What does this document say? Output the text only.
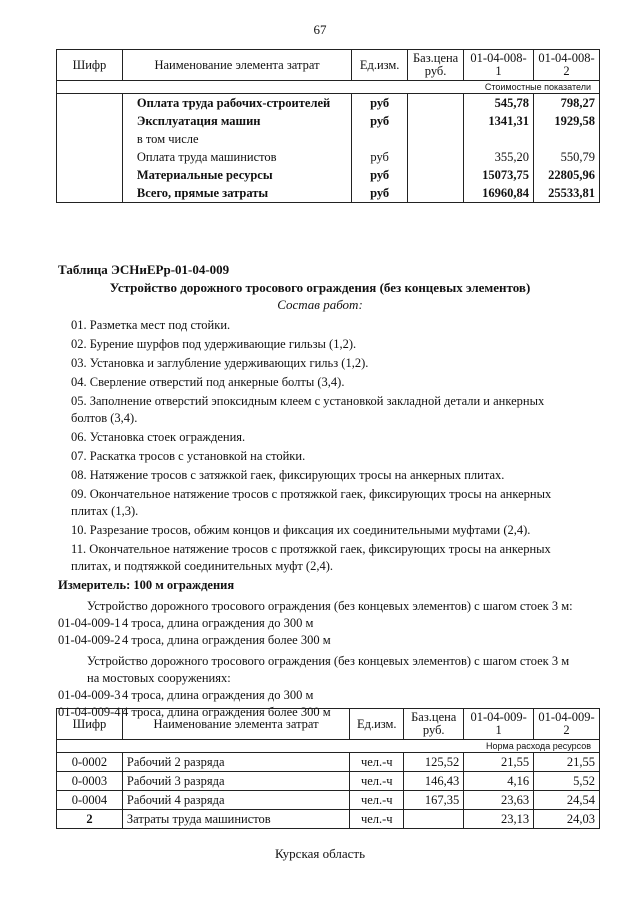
67
Шифр	Наименование элемента затрат	Ед.изм.	Баз.цена руб.	01-04-008-1	01-04-008-2
Стоимостные показатели					
	Оплата труда рабочих-строителей	руб		545,78	798,27
	Эксплуатация машин	руб		1341,31	1929,58
	в том числе				
	Оплата труда машинистов	руб		355,20	550,79
	Материальные ресурсы	руб		15073,75	22805,96
	Всего, прямые затраты	руб		16960,84	25533,81
Таблица ЭСНиЕРр-01-04-009
Устройство дорожного тросового ограждения (без концевых элементов)
Состав работ:
01. Разметка мест под стойки.
02. Бурение шурфов под удерживающие гильзы (1,2).
03. Установка и заглубление удерживающих гильз (1,2).
04. Сверление отверстий под анкерные болты (3,4).
05. Заполнение отверстий эпоксидным клеем с установкой закладной детали и анкерных болтов (3,4).
06. Установка стоек ограждения.
07. Раскатка тросов с установкой на стойки.
08. Натяжение тросов с затяжкой гаек, фиксирующих тросы на анкерных плитах.
09. Окончательное натяжение тросов с протяжкой гаек, фиксирующих тросы на анкерных плитах (1,3).
10. Разрезание тросов, обжим концов и фиксация их соединительными муфтами (2,4).
11. Окончательное натяжение тросов с протяжкой гаек, фиксирующих тросы на анкерных плитах, и подтяжкой соединительных муфт (2,4).
Измеритель: 100 м ограждения
Устройство дорожного тросового ограждения (без концевых элементов) с шагом стоек 3 м:
01-04-009-1 4 троса, длина ограждения до 300 м
01-04-009-2 4 троса, длина ограждения более 300 м
Устройство дорожного тросового ограждения (без концевых элементов) с шагом стоек 3 м на мостовых сооружениях:
01-04-009-3 4 троса, длина ограждения до 300 м
01-04-009-4 4 троса, длина ограждения более 300 м
Шифр	Наименование элемента затрат	Ед.изм.	Баз.цена руб.	01-04-009-1	01-04-009-2
Норма расхода ресурсов					
0-0002	Рабочий 2 разряда	чел.-ч	125,52	21,55	21,55
0-0003	Рабочий 3 разряда	чел.-ч	146,43	4,16	5,52
0-0004	Рабочий 4 разряда	чел.-ч	167,35	23,63	24,54
2	Затраты труда машинистов	чел.-ч		23,13	24,03
Курская область
